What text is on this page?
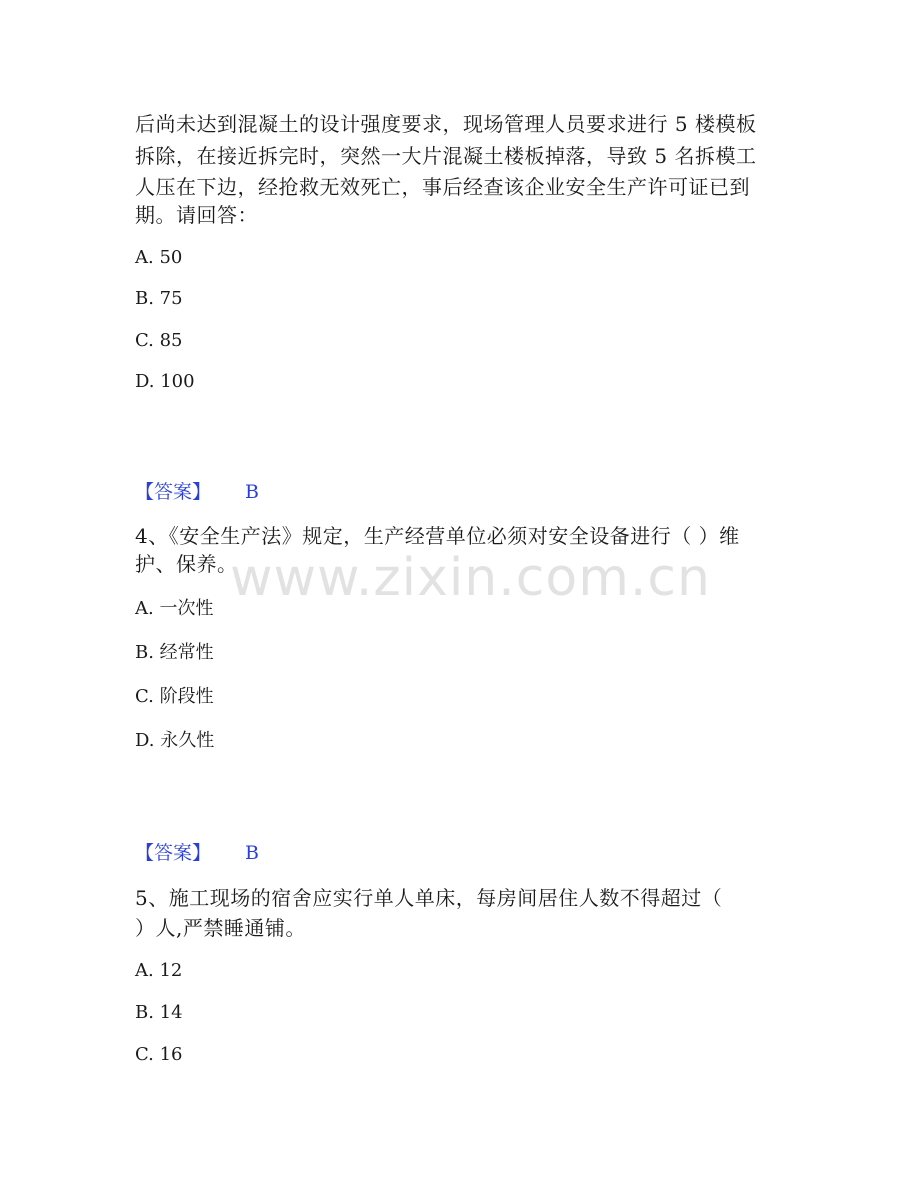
后尚未达到混凝土的设计强度要求，现场管理人员要求进行 5 楼模板
拆除，在接近拆完时，突然一大片混凝土楼板掉落，导致 5 名拆模工
人压在下边，经抢救无效死亡，事后经查该企业安全生产许可证已到
期。请回答：
A. 50
B. 75
C. 85
D. 100
【答案】 B
4、《安全生产法》规定，生产经营单位必须对安全设备进行（ ）维
护、保养。
A. 一次性
B. 经常性
C. 阶段性
D. 永久性
【答案】 B
5、施工现场的宿舍应实行单人单床，每房间居住人数不得超过（
）人,严禁睡通铺。
A. 12
B. 14
C. 16
www.zixin.com.cn
